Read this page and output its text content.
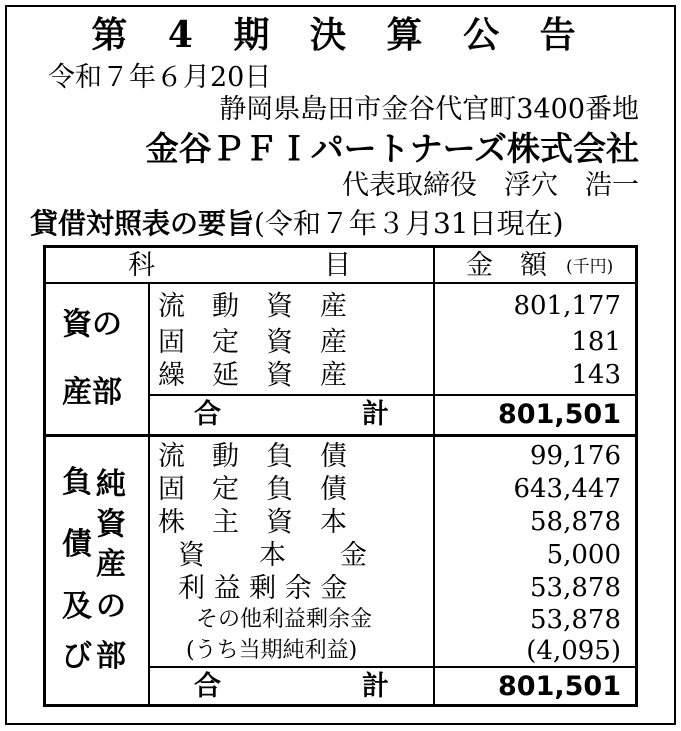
第 4 期 決 算 公 告
令和７年６月20日
静岡県島田市金谷代官町3400番地
金谷ＰＦＩパートナーズ株式会社
代表取締役　浮穴　浩一
貸借対照表の要旨(令和７年３月31日現在)
科	目	金　額 (千円)
資の
産部
流　動　資　産	801,177
固　定　資　産	181
繰　延　資　産	143
合	計	801,501
負
債
及
び
純
資
産
の
部
流　動　負　債	99,176
固　定　負　債	643,447
株　主　資　本	58,878
資　　本　　金	5,000
利 益 剰 余 金	53,878
その他利益剰余金	53,878
(うち当期純利益)	(4,095)
合	計	801,501
